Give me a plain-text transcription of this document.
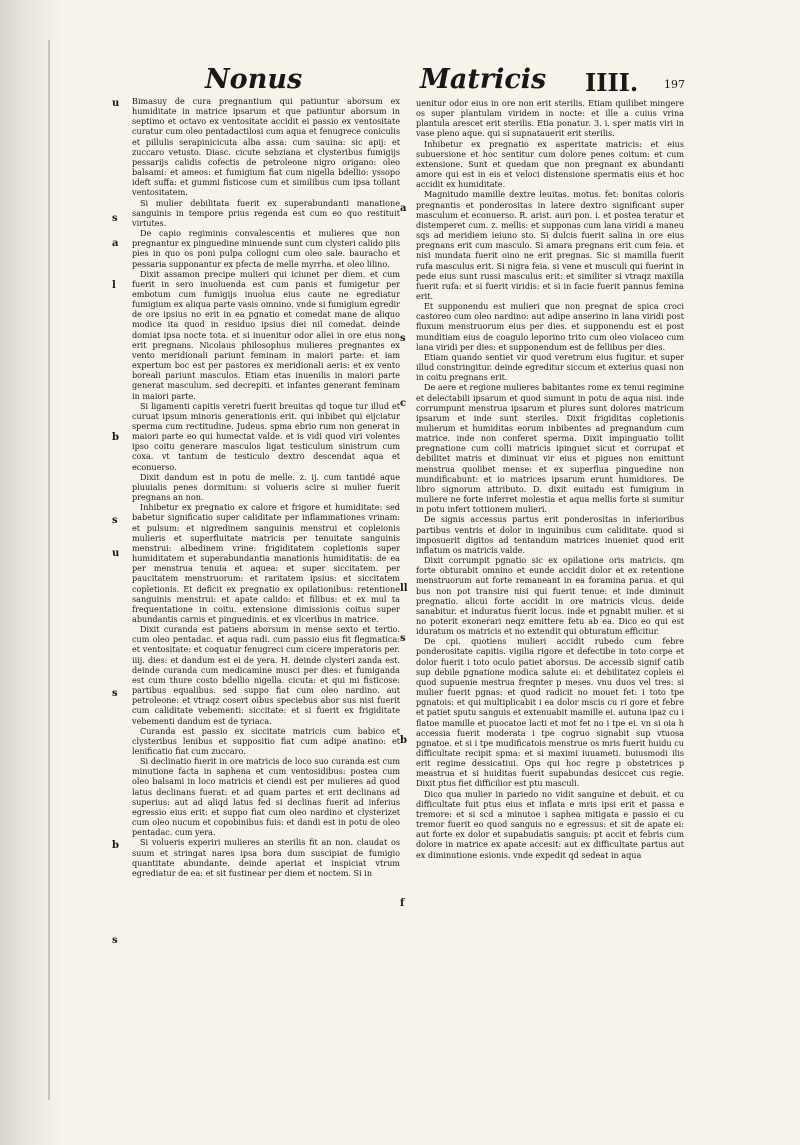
Nonus	Matricis IIII. 197

Bimasuy de cura pregnantium qui patiuntur aborsum ex humiditate in matrice ipsarum et que patiuntur aborsum in septimo et octavo ex ventositate accidit ei passio ex ventositate curatur cum oleo pentadactilosi cum aqua et fenugrece coniculis et pillulis serapinicicuta alba assa: cum sauina: sic apij: et zuccaro vetusto. Diasc. cicute sebziana et clysteribus fumigijs pessarijs calidis cofectis de petroleone nigro origano: oleo balsami: et ameos: et fumigium fiat cum nigella bdellio: yssopo ideft suffa: et gummi fisticose cum et similibus cum ipsa tollant ventositatem.

Si mulier debilitata fuerit ex superabundanti manatione sanguinis in tempore prius regenda est cum eo quo restituit virtutes.

De capio regiminis convalescentis et mulieres que non pregnantur ex pinguedine minuende sunt cum clysteri calido piis pies in quo os poni pulpa collogni cum oleo sale. bauracho et pessaria supponantur ex pfecta de melle myrrha. et oleo lilino.

Dixit assamon precipe mulieri qui iciunet per diem. et cum fuerit in sero inuoluenda est cum panis et fumigetur per embotum cum fumigijs inuolua eius caute ne egrediatur fumigium ex aliqua parte vasis omnino. vnde si fumigium egredir de ore ipsius no erit in ea pgnatio et comedat mane de aliquo modice ita quod in residuo ipsius diei nil comedat. deinde domiat ipsa nocte tota. et si inuenitur odor allei in ore eius non erit pregnans. Nicolaus philosophus mulieres pregnantes ex vento meridionali pariunt feminam in maiori parte: et iam expertum boc est per pastores ex meridionali aeris: et ex vento boreali pariunt masculos. Etiam etas inuenilis in maiori parte generat masculum. sed decrepiti. et infantes generant feminam in maiori parte.

Si ligamenti capitis veretri fuerit breuitas qd toque tur illud et curuat ipsum minoris generationis erit. qui inbibet qui eijciatur sperma cum rectitudine. Judeus. spma ebrio rum non generat in maiori parte eo qui humectat valde. et is vidi quod viri volentes ipso coitu generare masculos ligat testiculum sinistrum cum coxa. vt tantum de testiculo dextro descendat aqua et econuerso.

Dixit dandum est in potu de melle. z. ij. cum tantidé aque pluuialis penes dormitum: si volueris scire si mulier fuerit pregnans an non.

Inhibetur ex pregnatio ex calore et frigore et humiditate: sed babetur significatio super caliditate per inflammationes vrinam: et pulsum: et nigredinem sanguinis menstrui et copleionis mulieris et superfluitate matricis per tenuitate sanguinis menstrui: albedinem vrine: frigiditatem copletionis super humiditatem et superabundantia manationis humiditatis: de ea per menstrua tenuia et aquea: et super siccitatem. per paucitatem menstruorum: et raritatem ipsius: et siccitatem copletionis. Et deficit ex pregnatio ex opilationibus: retentione sanguinis menstrui: et apate calido: et filibus: et ex mul ta frequentatione in coitu. extensione dimissionis coitus super abundantis carnis et pinguedinis. et ex vlceribus in matrice.

Dixit curanda est patiens aborsum in mense sexto et tertio. cum oleo pentadac. et aqua radi. cum passio eius fit flegmatica: et ventositate: et coquatur fenugreci cum cicere imperatoris per. iiij. dies: et dandum est ei de yera. H. deinde clysteri zanda est. deinde curanda cum medicamine musci per dies: et fumiganda est cum thure costo bdellio nigella. cicuta: et qui mi fisticose: partibus equalibus. sed suppo fiat cum oleo nardino. aut petroleone: et vtraqz cosert oibus speciebus abor sus nisi fuerit cum caliditate vebementi: siccitate: et si fuerit ex frigiditate vebementi dandum est de tyriaca.

Curanda est passio ex siccitate matricis cum babico et clysteribus lenibus et suppositio fiat cum adipe anatino: et lenificatio fiat cum zuccaro.

Si declinatio fuerit in ore matricis de loco suo curanda est cum minutione facta in saphena et cum ventosidibus: postea cum oleo balsami in loco matricis et ciendi est per mulieres ad quod latus declinans fuerat: et ad quam partes et erit declinans ad superius: aut ad aliqd latus fed si declinas fuerit ad inferius egressio eius erit: et suppo fiat cum oleo nardino et clysterizet cum oleo nucum et copobinibus fuis: et dandi est in potu de oleo pentadac. cum yera.

Si volueris experiri mulieres an sterilis fit an non. claudat os suum et stringat nares ipsa bora dum suscipiat de fumigio quantitate abundante. deinde aperiat et inspiciat vtrum egrediatur de ea: et sit fustinear per diem et noctem. Si in

uenitur odor eius in ore non erit sterilis. Etiam quilibet mingere os super plantulam viridem in nocte: et ille a cuius vrina plantula arescet erit sterilis. Etia ponatur. 3. i. sper matis viri in vase pleno aque. qui si supnatauerit erit sterilis.

Inhibetur ex pregnatio ex asperitate matricis: et eius subuersione et hoc sentitur cum dolore penes coitum: et cum extensione. Sunt et quedam que non pregnant ex abundanti amore qui est in eis et veloci distensione spermatis eius et hoc accidit ex humiditate.

Magnitudo mamille dextre leuitas. motus. fet: bonitas coloris pregnantis et ponderositas in latere dextro significant super masculum et econuerso. R. arist. auri pon. i. et postea teratur et distemperet cum. z. mellis: et supponas cum lana viridi a maneu sqs ad meridiem ieiuno sto. Si dulcis fuerit salina in ore eius pregnans erit cum masculo. Si amara pregnans erit cum feia. et nisi mundata fuerit oino ne erit pregnas. Sic si mamilla fuerit rufa masculus erit. Si nigra feia. si vene et musculi qui fuerint in pede eius sunt russi masculus erit: et similiter si vtraqz maxilla fuerit rufa: et si fuerit viridis: et si in facie fuerit pannus femina erit.

Et supponendu est mulieri que non pregnat de spica croci castoreo cum oleo nardino: aut adipe anserino in lana viridi post fluxum menstruorum eius per dies. et supponendu est ei post munditiam eius de coagulo leporino trito cum oleo violaceo cum lana viridi per dies: et supponendum est de fellibus per dies.

Etiam quando sentiet vir quod veretrum eius fugitur. et super illud constringitur. deinde egreditur siccum et exterius quasi non in coitu pregnans erit.

De aere et regione mulieres babitantes rome ex tenui regimine et delectabili ipsarum et quod sumunt in potu de aqua nisi. inde corrumpunt menstrua ipsarum et plures sunt dolores matricum ipsarum et inde sunt steriles. Dixit frigiditas copletionis mulierum et humiditas eorum inbibentes ad pregnandum cum matrice. inde non conferet sperma. Dixit impinguatio tollit pregnatione cum colli matricis ipinguet sicut et corrupat et debilitet matris et diminuat vir eius et pigues non emittunt menstrua quolibet mense: et ex superflua pinguedine non mundificabunt: et io matrices ipsarum erunt humidiores. De libro signorum attributo. D. dixit euitadu est fumigium in muliere ne forte inferret molestia et aqua mellis forte si sumitur in potu infert tottionem mulieri.

De signis accessus partus erit ponderositas in inferioribus partibus ventris et dolor in inguinibus cum caliditate. quod si imposuerit digitos ad tentandum matrices inueniet quod erit inflatum os matricis valde.

Dixit corrumpit pgnatio sic ex opilatione oris matricis. qm forte obturabit omnino et eunde accidit dolor et ex retentione menstruorum aut forte remaneant in ea foramina parua. et qui bus non pot transire nisi qui fuerit tenue: et inde diminuit pregnatio. alicui forte accidit in ore matricis vlcus. deide sanabitur. et induratus fuerit locus. inde et pgnabit mulier. et si no poterit exonerari neqz emittere fetu ab ea. Dico eo qui est iduratum os matricis et no extendit qui obturatum efficitur.

De cpi. quotiens mulieri accidit rubedo cum febre ponderositate capitis. vigilia rigore et defectibe in toto corpe et dolor fuerit i toto oculo patiet aborsus. De accessib signif catib sup debile pgnatione modica salute ei: et debilitatez copleis ei quod supuenie mestrua freqnter p meses. vnu duos vel tres: si mulier fuerit pgnas: et quod radicit no mouet fet: i toto tpe pgnatois: et qui multiplicabit i ea dolor mscis cu ri gore et febre et patiet sputu sanguis et extenuabit mamille ei. autuna ipaz cu i flatoe mamille et puocatoe lacti et mot fet no i tpe ei. vn si oia h accessia fuerit moderata i tpe cogruo signabit sup vtuosa pgnatoe. et si i tpe mudificatois menstrue os mris fuerit huidu cu difficultate recipit spma: et si maximi iuuameti. buiusmodi ilis erit regime dessicatiui. Ops qui hoc regre p obstetrices p meastrua et si huiditas fuerit supabundas desiccet cus regie. Dixit ptus fiet difficilior est ptu masculi.

Dico qua mulier in pariedo no vidit sanguine et debuit. et cu difficultate fuit ptus eius et inflata e mris ipsi erit et passa e tremore: et si scd a minutoe i saphea mitigata e passio ei cu tremor fuerit eo quod sanguis no e egressus: et sit de apate ei: aut forte ex dolor et supabudatis sanguis: pt accit et febris cum dolore in matrice ex apate accesit: aut ex difficultate partus aut ex diminutione esionis. vnde expedit qd sedeat in aqua

u
s
a
l
b
s
u
s
b
s
a
s
c
ll
s
b
f
